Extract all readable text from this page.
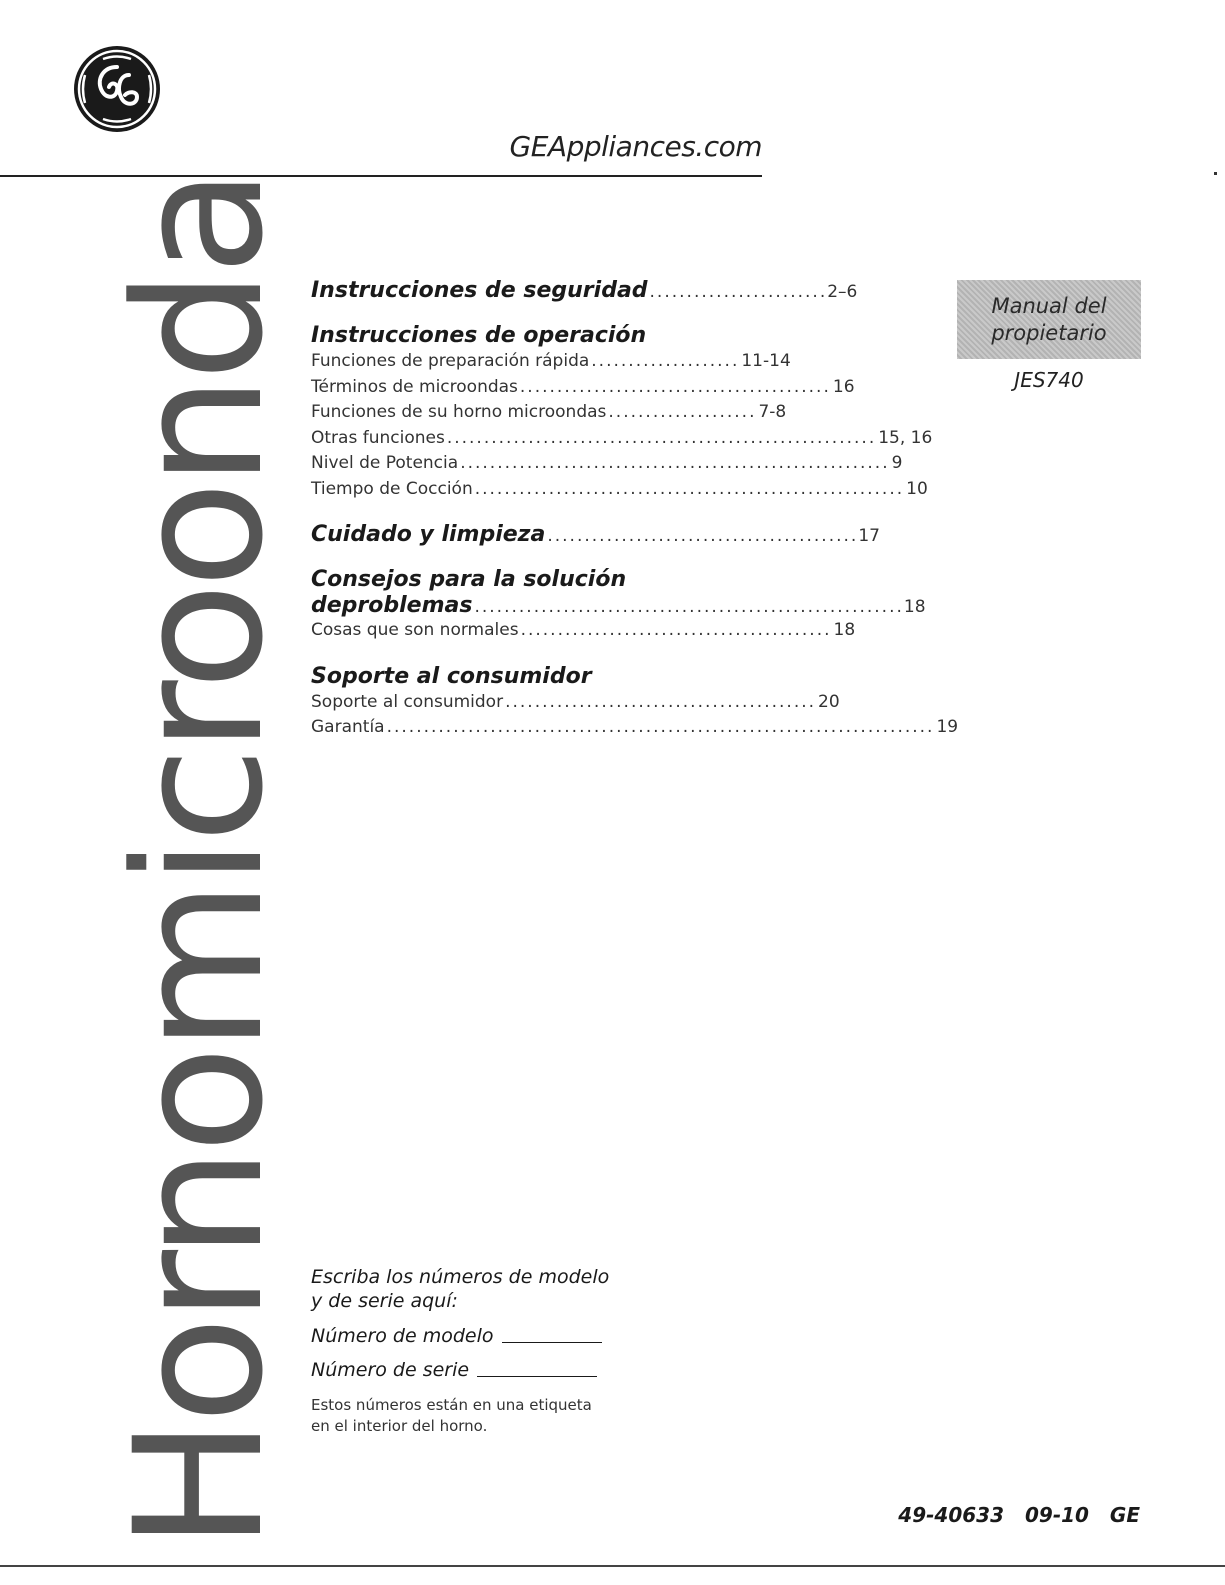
GEAppliances.com
Hornomicroonda Instrucciones de seguridad ........................ 2–6
Instrucciones de operación
Funciones de preparación rápida .................... 11-14
Términos de microondas .......................................... 16
Funciones de su horno microondas .................... 7-8
Otras funciones .......................................................... 15, 16
Nivel de Potencia .......................................................... 9
Tiempo de Cocción .......................................................... 10
Cuidado y limpieza .......................................... 17
Consejos para la solución
deproblemas .......................................................... 18
Cosas que son normales .......................................... 18
Soporte al consumidor
Soporte al consumidor .......................................... 20
Garantía .......................................................................... 19
Manual del
propietario
JES740
Escriba los números de modelo
y de serie aquí:
Número de modelo
Número de serie
Estos números están en una etiqueta
en el interior del horno.
49-40633 09-10 GE
